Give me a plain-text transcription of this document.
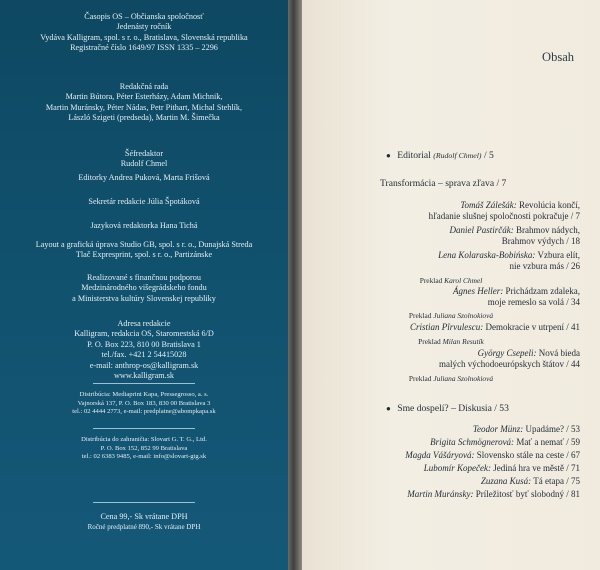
Časopis OS – Občianska spoločnosť
Jedenásty ročník
Vydáva Kalligram, spol. s r. o., Bratislava, Slovenská republika
Registračné číslo 1649/97 ISSN 1335 – 2296
Redakčná rada
Martin Bútora, Péter Esterházy, Adam Michnik,
Martin Muránsky, Péter Nádas, Petr Pithart, Michal Stehlík,
László Szigeti (predseda), Martin M. Šimečka
Šéfredaktor
Rudolf Chmel
Editorky Andrea Puková, Marta Frišová
Sekretár redakcie Júlia Špotáková
Jazyková redaktorka Hana Tichá
Layout a grafická úprava Studio GB, spol. s r. o., Dunajská Streda
Tlač Expresprint, spol. s r. o., Partizánske
Realizované s finančnou podporou
Medzinárodného višegrádskeho fondu
a Ministerstva kultúry Slovenskej republiky
Adresa redakcie
Kalligram, redakcia OS, Staromestská 6/D
P. O. Box 223, 810 00 Bratislava 1
tel./fax. +421 2 54415028
e-mail: anthrop-os@kalligram.sk
www.kalligram.sk
Distribúcia: Mediaprint Kapa, Pressegrosso, a. s.
Vajnorská 137, P. O. Box 183, 830 00 Bratislava 3
tel.: 02 4444 2773, e-mail: predplatne@abompkapa.sk
Distribúcia do zahraničia: Slovart G. T. G., Ltd.
P. O. Box 152, 852 99 Bratislava
tel.: 02 6383 9485, e-mail: info@slovart-gtg.sk
Cena 99,- Sk vrátane DPH
Ročné predplatné 890,- Sk vrátane DPH
Obsah
● Editorial (Rudolf Chmel) / 5
Transformácia – sprava zľava / 7
Tomáš Zálešák: Revolúcia končí,
hľadanie slušnej spoločnosti pokračuje / 7
Daniel Pastirčák: Brahmov nádych,
Brahmov výdych / 18
Lena Kolaraska-Bobińska: Vzbura elít,
nie vzbura más / 26
Preklad Karol Chmel
Ágnes Heller: Prichádzam zdaleka,
moje remeslo sa volá / 34
Preklad Juliana Szolnokiová
Cristian Pîrvulescu: Demokracie v utrpení / 41
Preklad Milan Resutík
György Csepeli: Nová bieda
malých východoeurópskych štátov / 44
Preklad Juliana Szolnokiová
● Sme dospelí? – Diskusia / 53
Teodor Münz: Upadáme? / 53
Brigita Schmögnerová: Mať a nemať / 59
Magda Vášáryová: Slovensko stále na ceste / 67
Lubomír Kopeček: Jediná hra ve městě / 71
Zuzana Kusá: Tá etapa / 75
Martin Muránsky: Príležitosť byť slobodný / 81
